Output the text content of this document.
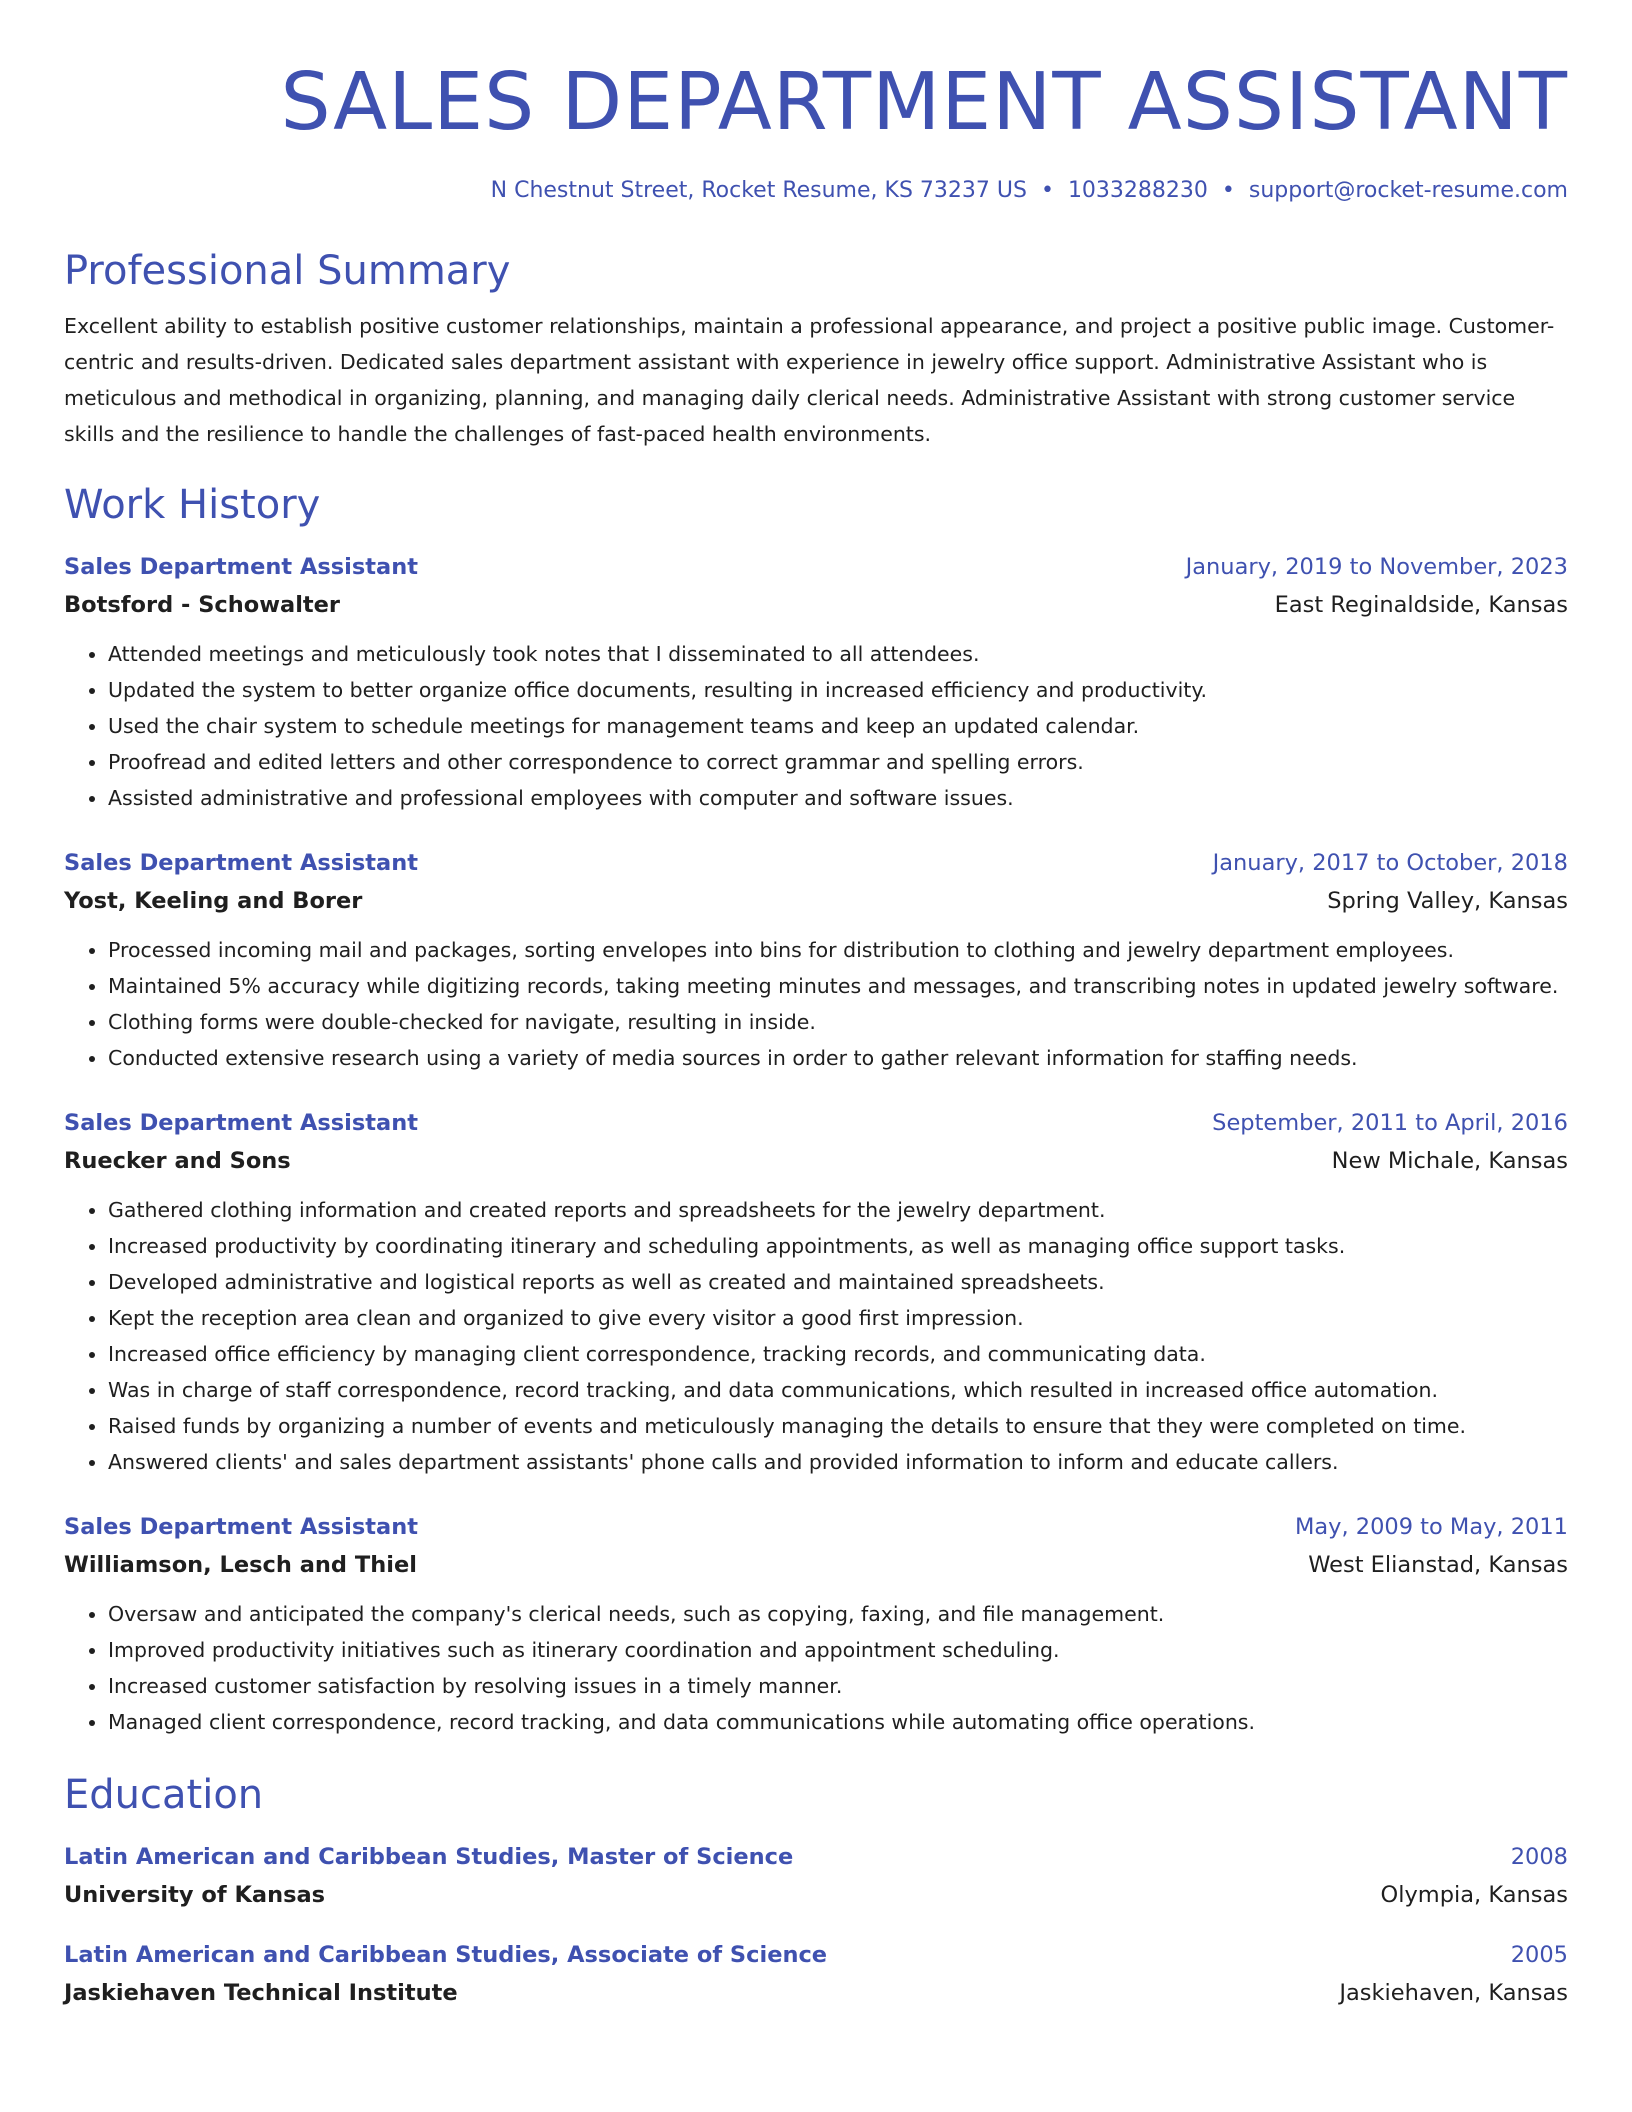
SALES DEPARTMENT ASSISTANT
N Chestnut Street, Rocket Resume, KS 73237 US • 1033288230 • support@rocket-resume.com
Professional Summary

Excellent ability to establish positive customer relationships, maintain a professional appearance, and project a positive public image. Customer-centric and results-driven. Dedicated sales department assistant with experience in jewelry office support. Administrative Assistant who is meticulous and methodical in organizing, planning, and managing daily clerical needs. Administrative Assistant with strong customer service skills and the resilience to handle the challenges of fast-paced health environments.

Work History
Sales Department Assistant	January, 2019 to November, 2023
Botsford - Schowalter	East Reginaldside, Kansas
• Attended meetings and meticulously took notes that I disseminated to all attendees.
• Updated the system to better organize office documents, resulting in increased efficiency and productivity.
• Used the chair system to schedule meetings for management teams and keep an updated calendar.
• Proofread and edited letters and other correspondence to correct grammar and spelling errors.
• Assisted administrative and professional employees with computer and software issues.
Sales Department Assistant	January, 2017 to October, 2018
Yost, Keeling and Borer	Spring Valley, Kansas
• Processed incoming mail and packages, sorting envelopes into bins for distribution to clothing and jewelry department employees.
• Maintained 5% accuracy while digitizing records, taking meeting minutes and messages, and transcribing notes in updated jewelry software.
• Clothing forms were double-checked for navigate, resulting in inside.
• Conducted extensive research using a variety of media sources in order to gather relevant information for staffing needs.
Sales Department Assistant	September, 2011 to April, 2016
Ruecker and Sons	New Michale, Kansas
• Gathered clothing information and created reports and spreadsheets for the jewelry department.
• Increased productivity by coordinating itinerary and scheduling appointments, as well as managing office support tasks.
• Developed administrative and logistical reports as well as created and maintained spreadsheets.
• Kept the reception area clean and organized to give every visitor a good first impression.
• Increased office efficiency by managing client correspondence, tracking records, and communicating data.
• Was in charge of staff correspondence, record tracking, and data communications, which resulted in increased office automation.
• Raised funds by organizing a number of events and meticulously managing the details to ensure that they were completed on time.
• Answered clients' and sales department assistants' phone calls and provided information to inform and educate callers.
Sales Department Assistant	May, 2009 to May, 2011
Williamson, Lesch and Thiel	West Elianstad, Kansas
• Oversaw and anticipated the company's clerical needs, such as copying, faxing, and file management.
• Improved productivity initiatives such as itinerary coordination and appointment scheduling.
• Increased customer satisfaction by resolving issues in a timely manner.
• Managed client correspondence, record tracking, and data communications while automating office operations.
Education
Latin American and Caribbean Studies, Master of Science	2008
University of Kansas	Olympia, Kansas
Latin American and Caribbean Studies, Associate of Science	2005
Jaskiehaven Technical Institute	Jaskiehaven, Kansas
